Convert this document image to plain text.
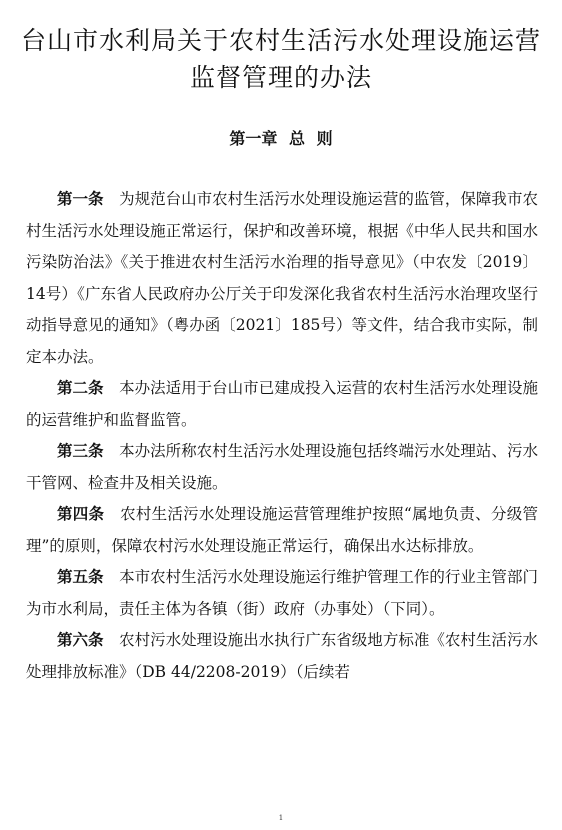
台山市水利局关于农村生活污水处理设施运营监督管理的办法
第一章 总 则

第一条　 为规范台山市农村生活污水处理设施运营的监管，保障我市农村生活污水处理设施正常运行，保护和改善环境，根据《中华人民共和国水污染防治法》《关于推进农村生活污水治理的指导意见》（中农发〔2019〕14号）《广东省人民政府办公厅关于印发深化我省农村生活污水治理攻坚行动指导意见的通知》（粤办函〔2021〕185号）等文件，结合我市实际，制定本办法。

第二条　 本办法适用于台山市已建成投入运营的农村生活污水处理设施的运营维护和监督监管。

第三条　 本办法所称农村生活污水处理设施包括终端污水处理站、污水干管网、检查井及相关设施。

第四条　 农村生活污水处理设施运营管理维护按照“属地负责、分级管理”的原则，保障农村污水处理设施正常运行，确保出水达标排放。

第五条　 本市农村生活污水处理设施运行维护管理工作的行业主管部门为市水利局，责任主体为各镇（街）政府（办事处）（下同）。

第六条　 农村污水处理设施出水执行广东省级地方标准《农村生活污水处理排放标准》（DB 44/2208-2019）（后续若

1
